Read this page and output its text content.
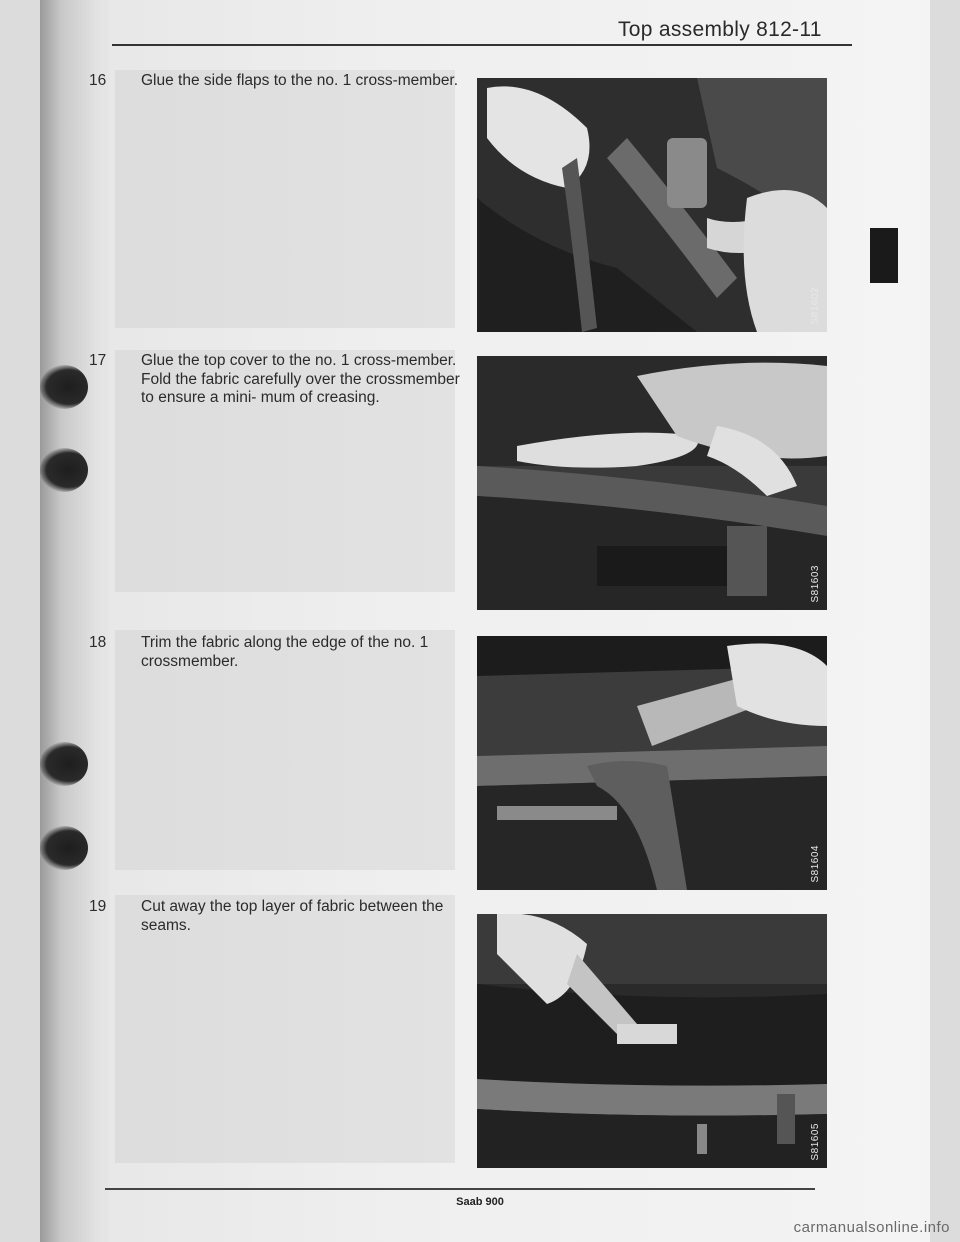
Top assembly 812-11
16 Glue the side flaps to the no. 1 cross-member.
17 Glue the top cover to the no. 1 cross-member. Fold the fabric carefully over the crossmember to ensure a mini- mum of creasing.
18 Trim the fabric along the edge of the no. 1 crossmember.
19 Cut away the top layer of fabric between the seams.
S81602
S81603
S81604
S81605
Saab 900
carmanualsonline.info
